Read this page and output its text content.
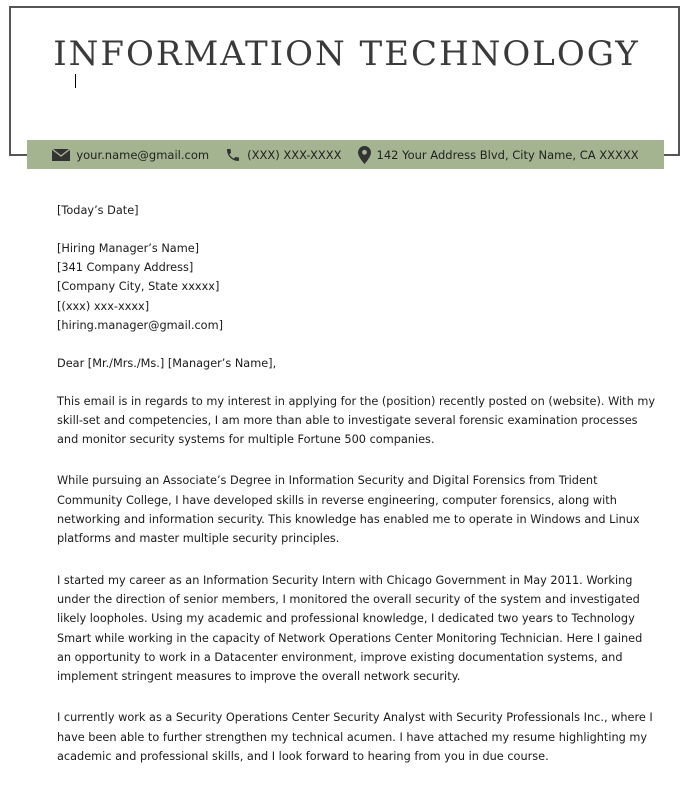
INFORMATION TECHNOLOGY
your.name@gmail.com	(XXX) XXX-XXXX	142 Your Address Blvd, City Name, CA XXXXX

[Today’s Date]

[Hiring Manager’s Name]

[341 Company Address]

[Company City, State xxxxx]

[(xxx) xxx-xxxx]

[hiring.manager@gmail.com]

Dear [Mr./Mrs./Ms.] [Manager’s Name],

This email is in regards to my interest in applying for the (position) recently posted on (website). With my skill-set and competencies, I am more than able to investigate several forensic examination processes and monitor security systems for multiple Fortune 500 companies.

While pursuing an Associate’s Degree in Information Security and Digital Forensics from Trident Community College, I have developed skills in reverse engineering, computer forensics, along with networking and information security. This knowledge has enabled me to operate in Windows and Linux platforms and master multiple security principles.

I started my career as an Information Security Intern with Chicago Government in May 2011. Working under the direction of senior members, I monitored the overall security of the system and investigated likely loopholes. Using my academic and professional knowledge, I dedicated two years to Technology Smart while working in the capacity of Network Operations Center Monitoring Technician. Here I gained an opportunity to work in a Datacenter environment, improve existing documentation systems, and implement stringent measures to improve the overall network security.

I currently work as a Security Operations Center Security Analyst with Security Professionals Inc., where I have been able to further strengthen my technical acumen. I have attached my resume highlighting my academic and professional skills, and I look forward to hearing from you in due course.
